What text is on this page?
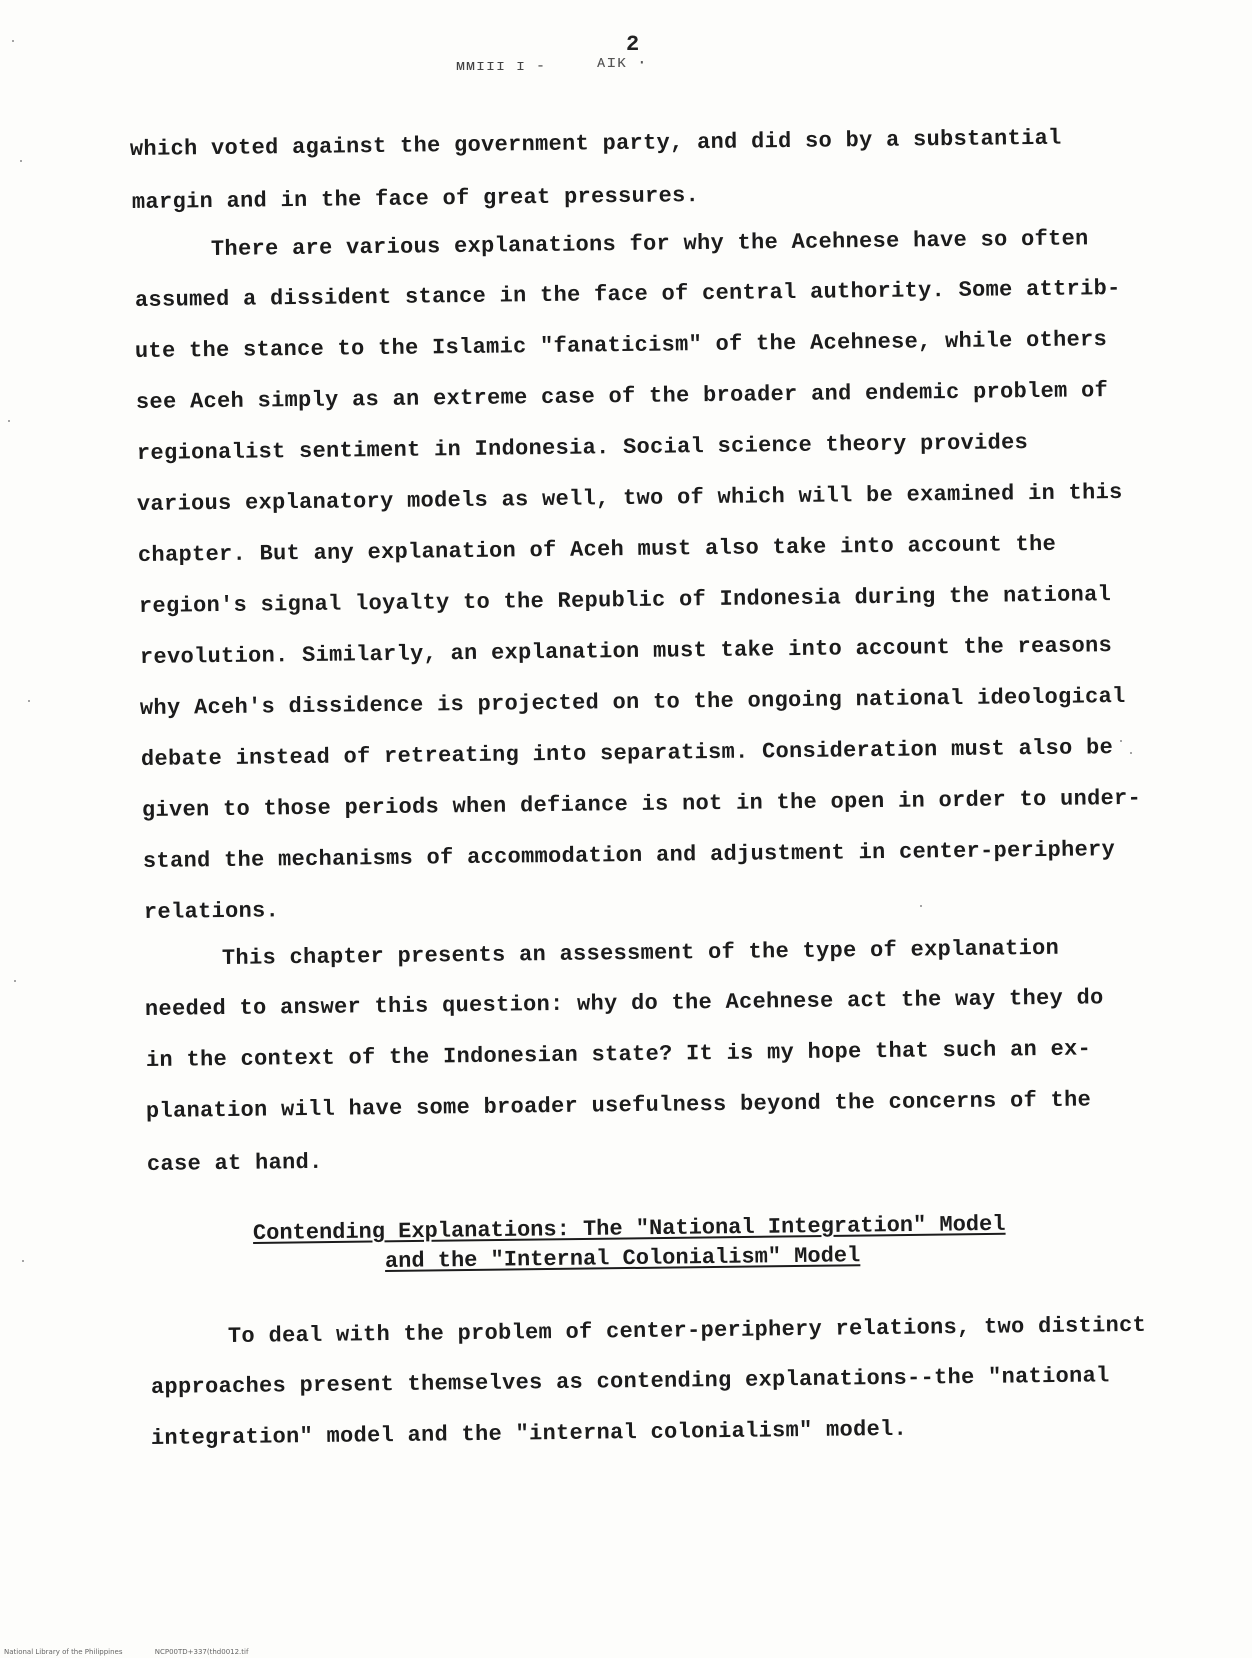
ᴍᴍɪɪɪ ɪ -	ᴀɪᴋ ·
2
which voted against the government party, and did so by a substantial
margin and in the face of great pressures.
There are various explanations for why the Acehnese have so often
assumed a dissident stance in the face of central authority. Some attrib-
ute the stance to the Islamic "fanaticism" of the Acehnese, while others
see Aceh simply as an extreme case of the broader and endemic problem of
regionalist sentiment in Indonesia. Social science theory provides
various explanatory models as well, two of which will be examined in this
chapter. But any explanation of Aceh must also take into account the
region's signal loyalty to the Republic of Indonesia during the national
revolution. Similarly, an explanation must take into account the reasons
why Aceh's dissidence is projected on to the ongoing national ideological
debate instead of retreating into separatism. Consideration must also be
given to those periods when defiance is not in the open in order to under-
stand the mechanisms of accommodation and adjustment in center-periphery
relations.
This chapter presents an assessment of the type of explanation
needed to answer this question: why do the Acehnese act the way they do
in the context of the Indonesian state? It is my hope that such an ex-
planation will have some broader usefulness beyond the concerns of the
case at hand.
Contending Explanations: The "National Integration" Model
and the "Internal Colonialism" Model
To deal with the problem of center-periphery relations, two distinct
approaches present themselves as contending explanations--the "national
integration" model and the "internal colonialism" model.
National Library of the Philippines	NCP00TD+337(thd0012.tif
